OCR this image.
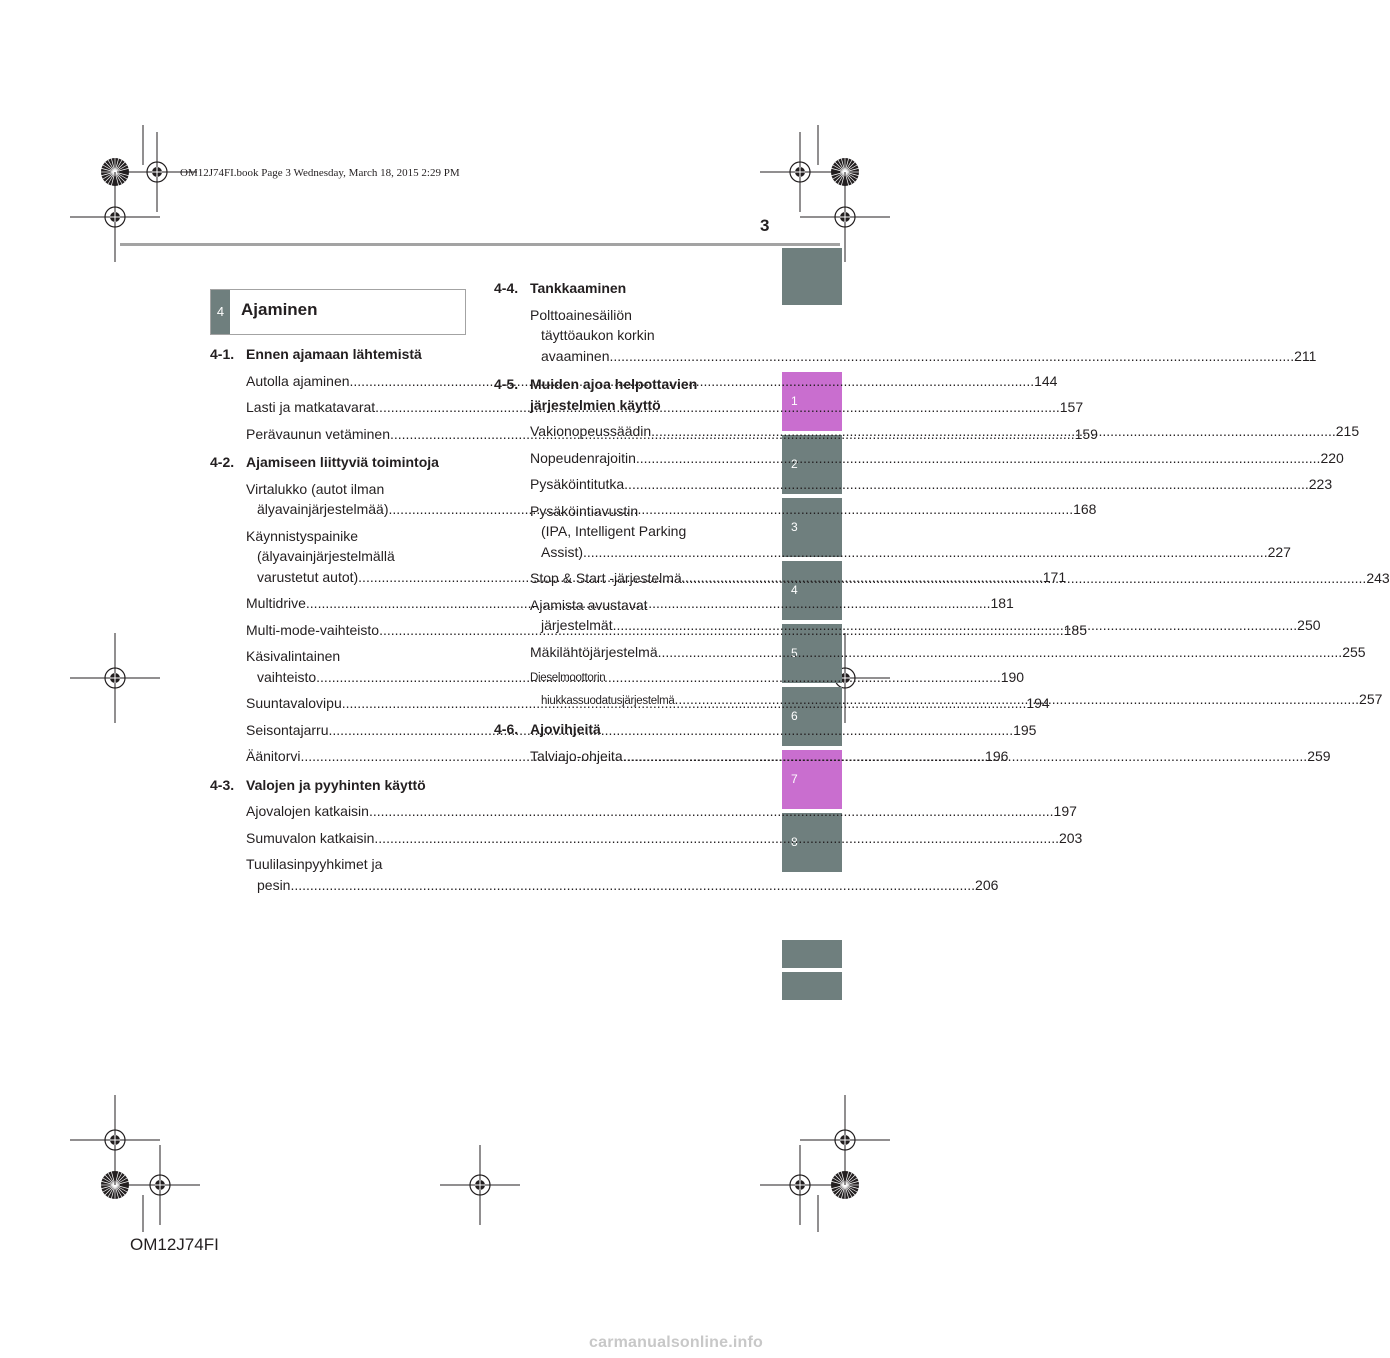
OM12J74FI.book Page 3 Wednesday, March 18, 2015 2:29 PM
3
1
2
3
4
5
6
7
8
4 Ajaminen
4-1. Ennen ajamaan lähtemistä
Autolla ajaminen .....	144
Lasti ja matkatavarat .....	157
Perävaunun vetäminen .....	159
4-2. Ajamiseen liittyviä toimintoja
Virtalukko (autot ilman
älyavainjärjestelmää) .....	168
Käynnistyspainike
(älyavainjärjestelmällä
varustetut autot) .....	171
Multidrive .....	181
Multi-mode-vaihteisto .....	185
Käsivalintainen
vaihteisto .....	190
Suuntavalovipu .....	194
Seisontajarru .....	195
Äänitorvi .....	196
4-3. Valojen ja pyyhinten käyttö
Ajovalojen katkaisin .....	197
Sumuvalon katkaisin .....	203
Tuulilasinpyyhkimet ja
pesin .....	206
4-4. Tankkaaminen
Polttoainesäiliön
täyttöaukon korkin
avaaminen .....	211
4-5. Muiden ajoa helpottavien
järjestelmien käyttö
Vakionopeussäädin .....	215
Nopeudenrajoitin .....	220
Pysäköintitutka .....	223
Pysäköintiavustin
(IPA, Intelligent Parking
Assist) .....	227
Stop & Start -järjestelmä .....	243
Ajamista avustavat
järjestelmät .....	250
Mäkilähtöjärjestelmä .....	255
Dieselmoottorin
hiukkassuodatusjärjestelmä .....	257
4-6. Ajovihjeitä
Talviajo-ohjeita .....	259
OM12J74FI
carmanualsonline.info
